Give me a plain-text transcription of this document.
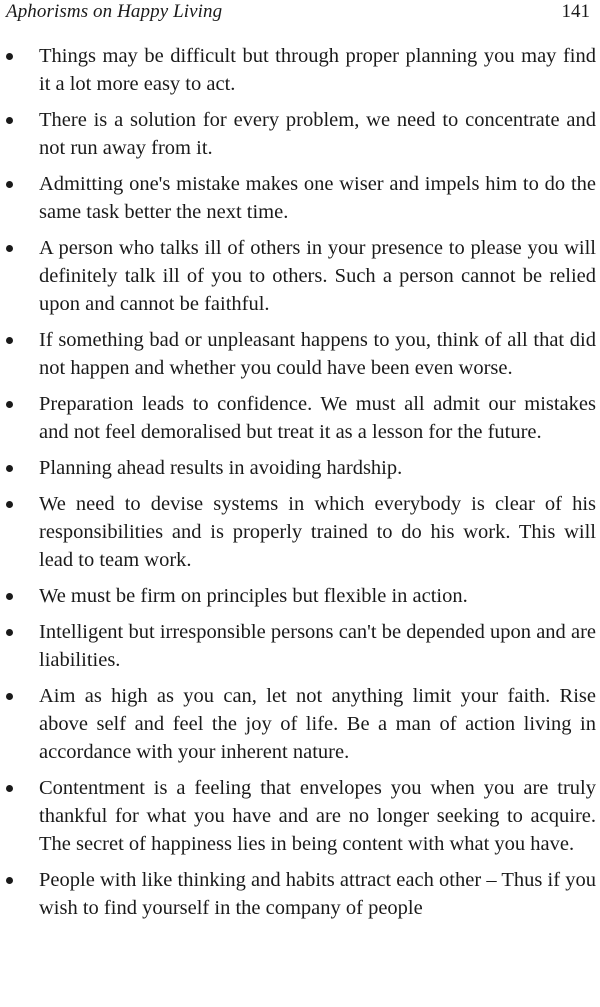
Aphorisms on Happy Living	141
Things may be difficult but through proper planning you may find it a lot more easy to act.
There is a solution for every problem, we need to concentrate and not run away from it.
Admitting one's mistake makes one wiser and impels him to do the same task better the next time.
A person who talks ill of others in your presence to please you will definitely talk ill of you to others. Such a person cannot be relied upon and cannot be faithful.
If something bad or unpleasant happens to you, think of all that did not happen and whether you could have been even worse.
Preparation leads to confidence. We must all admit our mistakes and not feel demoralised but treat it as a lesson for the future.
Planning ahead results in avoiding hardship.
We need to devise systems in which everybody is clear of his responsibilities and is properly trained to do his work. This will lead to team work.
We must be firm on principles but flexible in action.
Intelligent but irresponsible persons can't be depended upon and are liabilities.
Aim as high as you can, let not anything limit your faith. Rise above self and feel the joy of life. Be a man of action living in accordance with your inherent nature.
Contentment is a feeling that envelopes you when you are truly thankful for what you have and are no longer seeking to acquire. The secret of happiness lies in being content with what you have.
People with like thinking and habits attract each other – Thus if you wish to find yourself in the company of people
